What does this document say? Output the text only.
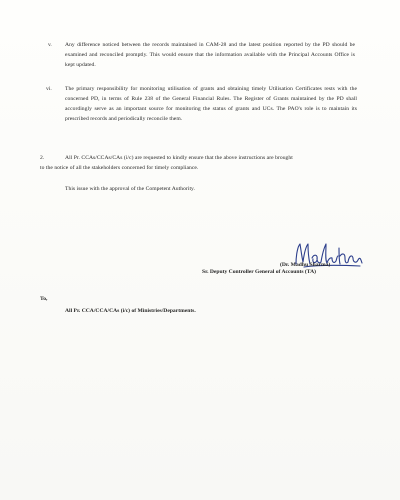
v. Any difference noticed between the records maintained in CAM-28 and the latest position reported by the PD should be examined and reconciled promptly. This would ensure that the information available with the Principal Accounts Office is kept updated.
vi. The primary responsibility for monitoring utilisation of grants and obtaining timely Utilisation Certificates rests with the concerned PD, in terms of Rule 238 of the General Financial Rules. The Register of Grants maintained by the PD shall accordingly serve as an important source for monitoring the status of grants and UCs. The PAO's role is to maintain its prescribed records and periodically reconcile them.
2.	All Pr. CCAs/CCAs/CAs (i/c) are requested to kindly ensure that the above instructions are brought
to the notice of all the stakeholders concerned for timely compliance.
This issue with the approval of the Competent Authority.
(Dr. Madhu Sharma)
Sr. Deputy Controller General of Accounts (TA)
To,
All Pr. CCA/CCA/CAs (i/c) of Ministries/Departments.
